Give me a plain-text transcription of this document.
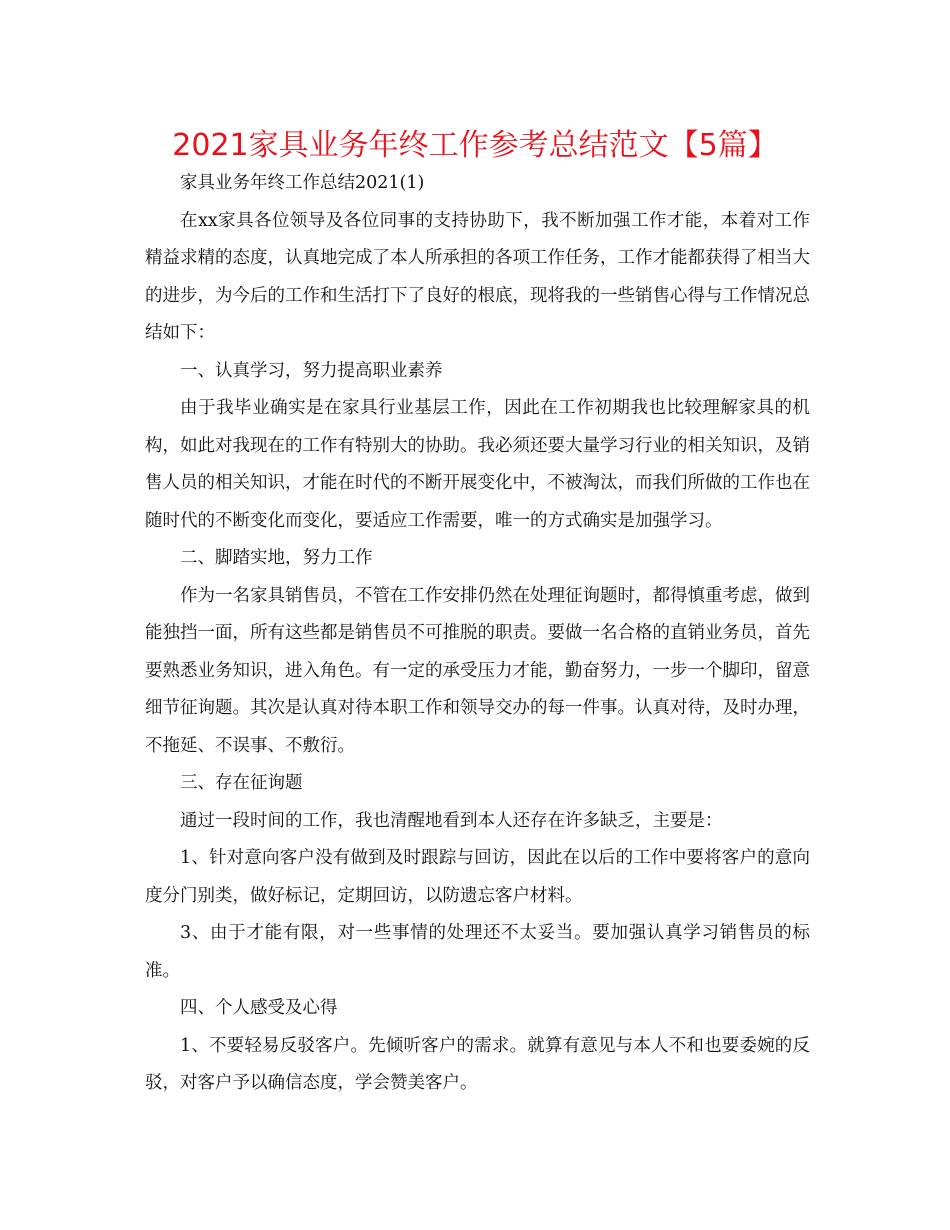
2021家具业务年终工作参考总结范文【5篇】

家具业务年终工作总结2021(1)

在xx家具各位领导及各位同事的支持协助下，我不断加强工作才能，本着对工作精益求精的态度，认真地完成了本人所承担的各项工作任务，工作才能都获得了相当大的进步，为今后的工作和生活打下了良好的根底，现将我的一些销售心得与工作情况总结如下：

一、认真学习，努力提高职业素养

由于我毕业确实是在家具行业基层工作，因此在工作初期我也比较理解家具的机构，如此对我现在的工作有特别大的协助。我必须还要大量学习行业的相关知识，及销售人员的相关知识，才能在时代的不断开展变化中，不被淘汰，而我们所做的工作也在随时代的不断变化而变化，要适应工作需要，唯一的方式确实是加强学习。

二、脚踏实地，努力工作

作为一名家具销售员，不管在工作安排仍然在处理征询题时，都得慎重考虑，做到能独挡一面，所有这些都是销售员不可推脱的职责。要做一名合格的直销业务员，首先要熟悉业务知识，进入角色。有一定的承受压力才能，勤奋努力，一步一个脚印，留意细节征询题。其次是认真对待本职工作和领导交办的每一件事。认真对待，及时办理，不拖延、不误事、不敷衍。

三、存在征询题

通过一段时间的工作，我也清醒地看到本人还存在许多缺乏，主要是：

1、针对意向客户没有做到及时跟踪与回访，因此在以后的工作中要将客户的意向度分门别类，做好标记，定期回访，以防遗忘客户材料。

3、由于才能有限，对一些事情的处理还不太妥当。要加强认真学习销售员的标准。

四、个人感受及心得

1、不要轻易反驳客户。先倾听客户的需求。就算有意见与本人不和也要委婉的反驳，对客户予以确信态度，学会赞美客户。
